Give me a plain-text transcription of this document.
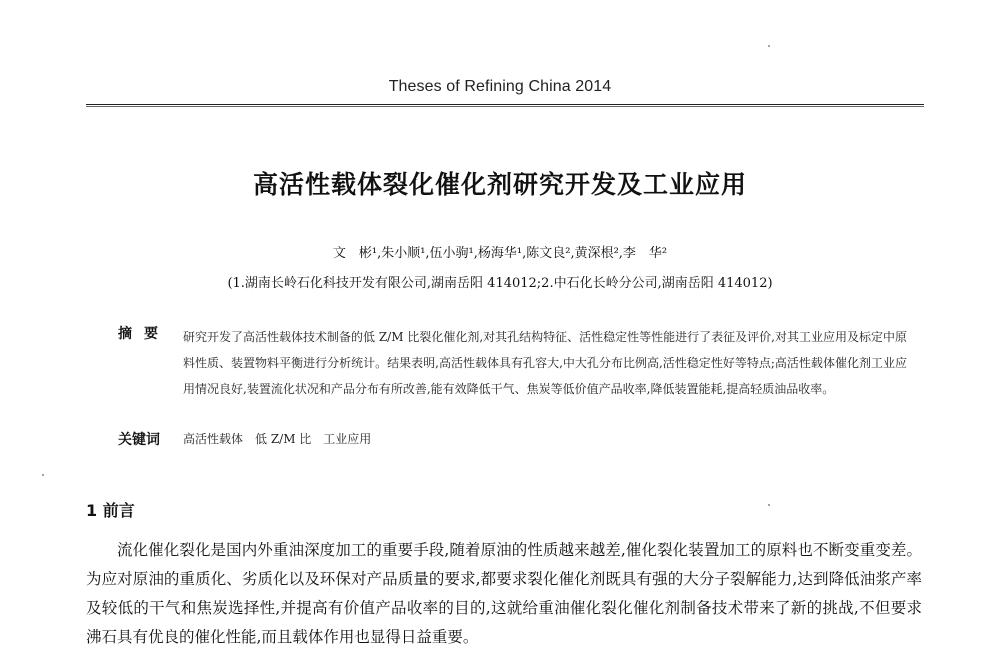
Theses of Refining China 2014
高活性载体裂化催化剂研究开发及工业应用
文　彬¹,朱小顺¹,伍小驹¹,杨海华¹,陈文良²,黄深根²,李　华²
(1.湖南长岭石化科技开发有限公司,湖南岳阳 414012;2.中石化长岭分公司,湖南岳阳 414012)
摘要 研究开发了高活性载体技术制备的低 Z/M 比裂化催化剂,对其孔结构特征、活性稳定性等性能进行了表征及评价,对其工业应用及标定中原料性质、装置物料平衡进行分析统计。结果表明,高活性载体具有孔容大,中大孔分布比例高,活性稳定性好等特点;高活性载体催化剂工业应用情况良好,装置流化状况和产品分布有所改善,能有效降低干气、焦炭等低价值产品收率,降低装置能耗,提高轻质油品收率。
关键词 高活性载体　低 Z/M 比　工业应用
1 前言
流化催化裂化是国内外重油深度加工的重要手段,随着原油的性质越来越差,催化裂化装置加工的原料也不断变重变差。为应对原油的重质化、劣质化以及环保对产品质量的要求,都要求裂化催化剂既具有强的大分子裂解能力,达到降低油浆产率及较低的干气和焦炭选择性,并提高有价值产品收率的目的,这就给重油催化裂化催化剂制备技术带来了新的挑战,不但要求沸石具有优良的催化性能,而且载体作用也显得日益重要。
